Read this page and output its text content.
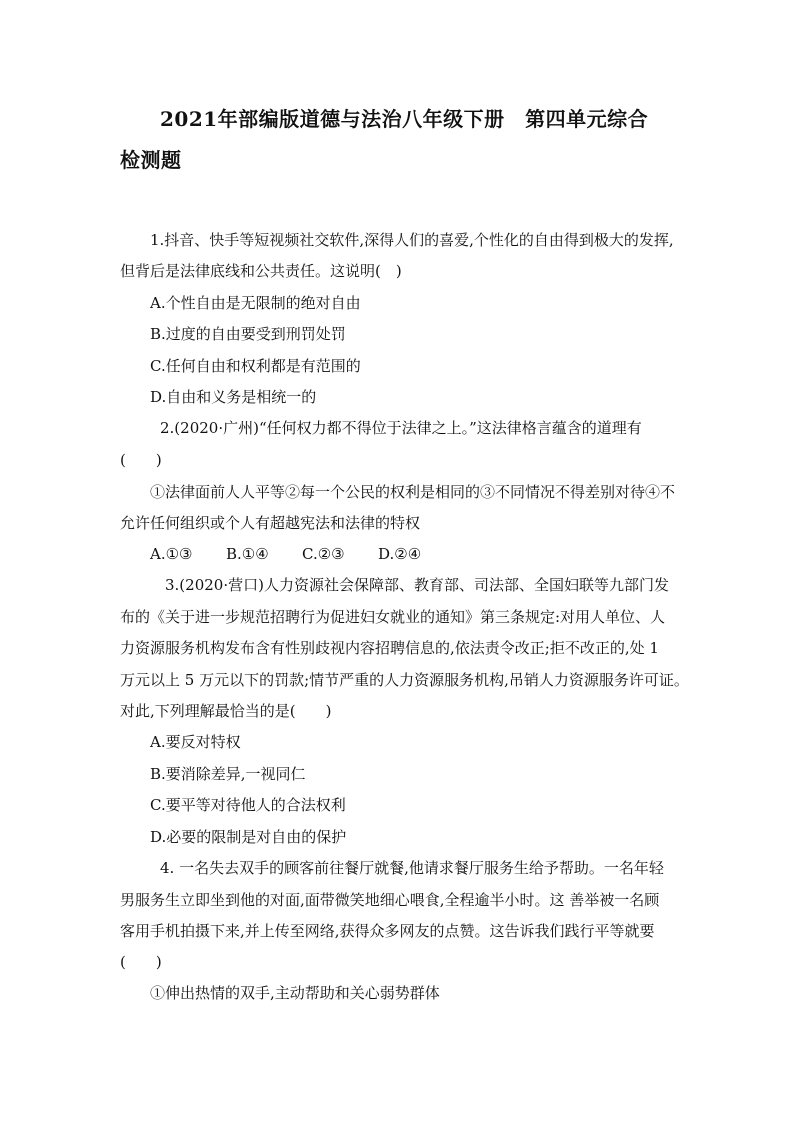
2021年部编版道德与法治八年级下册　第四单元综合
检测题
1.抖音、快手等短视频社交软件,深得人们的喜爱,个性化的自由得到极大的发挥,
但背后是法律底线和公共责任。这说明(　)
A.个性自由是无限制的绝对自由
B.过度的自由要受到刑罚处罚
C.任何自由和权利都是有范围的
D.自由和义务是相统一的
2.(2020·广州)“任何权力都不得位于法律之上。”这法律格言蕴含的道理有
(　　)
①法律面前人人平等②每一个公民的权利是相同的③不同情况不得差别对待④不
允许任何组织或个人有超越宪法和法律的特权
A.①③ B.①④ C.②③ D.②④
3.(2020·营口)人力资源社会保障部、教育部、司法部、全国妇联等九部门发
布的《关于进一步规范招聘行为促进妇女就业的通知》第三条规定:对用人单位、人
力资源服务机构发布含有性别歧视内容招聘信息的,依法责令改正;拒不改正的,处 1
万元以上 5 万元以下的罚款;情节严重的人力资源服务机构,吊销人力资源服务许可证。
对此,下列理解最恰当的是(　　)
A.要反对特权
B.要消除差异,一视同仁
C.要平等对待他人的合法权利
D.必要的限制是对自由的保护
4. 一名失去双手的顾客前往餐厅就餐,他请求餐厅服务生给予帮助。一名年轻
男服务生立即坐到他的对面,面带微笑地细心喂食,全程逾半小时。这 善举被一名顾
客用手机拍摄下来,并上传至网络,获得众多网友的点赞。这告诉我们践行平等就要
(　　)
①伸出热情的双手,主动帮助和关心弱势群体
